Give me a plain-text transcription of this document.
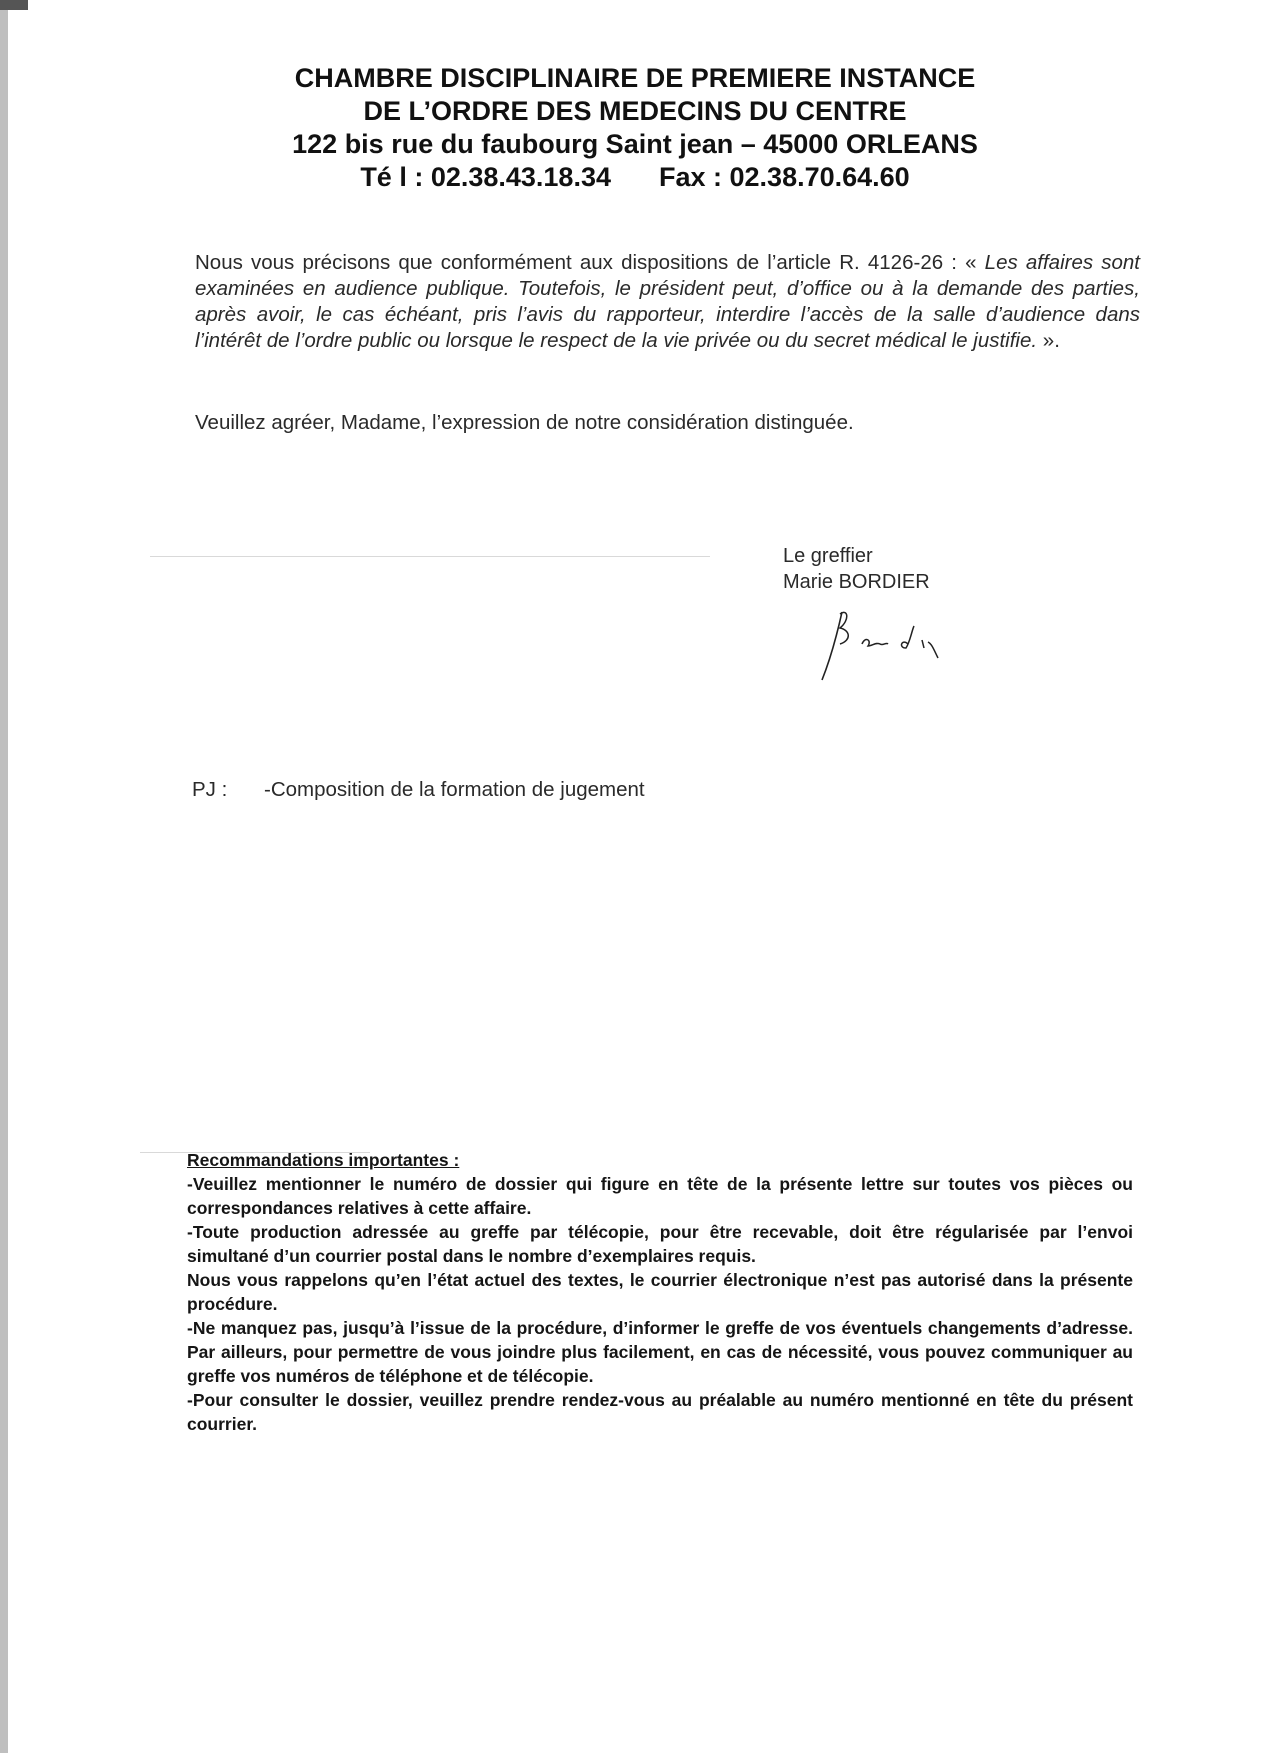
CHAMBRE DISCIPLINAIRE DE PREMIERE INSTANCE
DE L’ORDRE DES MEDECINS DU CENTRE
122 bis rue du faubourg Saint jean – 45000 ORLEANS
Té l : 02.38.43.18.34 Fax : 02.38.70.64.60
Nous vous précisons que conformément aux dispositions de l’article R. 4126-26 : « Les affaires sont examinées en audience publique. Toutefois, le président peut, d’office ou à la demande des parties, après avoir, le cas échéant, pris l’avis du rapporteur, interdire l’accès de la salle d’audience dans l’intérêt de l’ordre public ou lorsque le respect de la vie privée ou du secret médical le justifie. ».
Veuillez agréer, Madame, l’expression de notre considération distinguée.
Le greffier
Marie BORDIER
PJ : -Composition de la formation de jugement

Recommandations importantes :

-Veuillez mentionner le numéro de dossier qui figure en tête de la présente lettre sur toutes vos pièces ou correspondances relatives à cette affaire.

-Toute production adressée au greffe par télécopie, pour être recevable, doit être régularisée par l’envoi simultané d’un courrier postal dans le nombre d’exemplaires requis.

Nous vous rappelons qu’en l’état actuel des textes, le courrier électronique n’est pas autorisé dans la présente procédure.

-Ne manquez pas, jusqu’à l’issue de la procédure, d’informer le greffe de vos éventuels changements d’adresse. Par ailleurs, pour permettre de vous joindre plus facilement, en cas de nécessité, vous pouvez communiquer au greffe vos numéros de téléphone et de télécopie.

-Pour consulter le dossier, veuillez prendre rendez-vous au préalable au numéro mentionné en tête du présent courrier.
